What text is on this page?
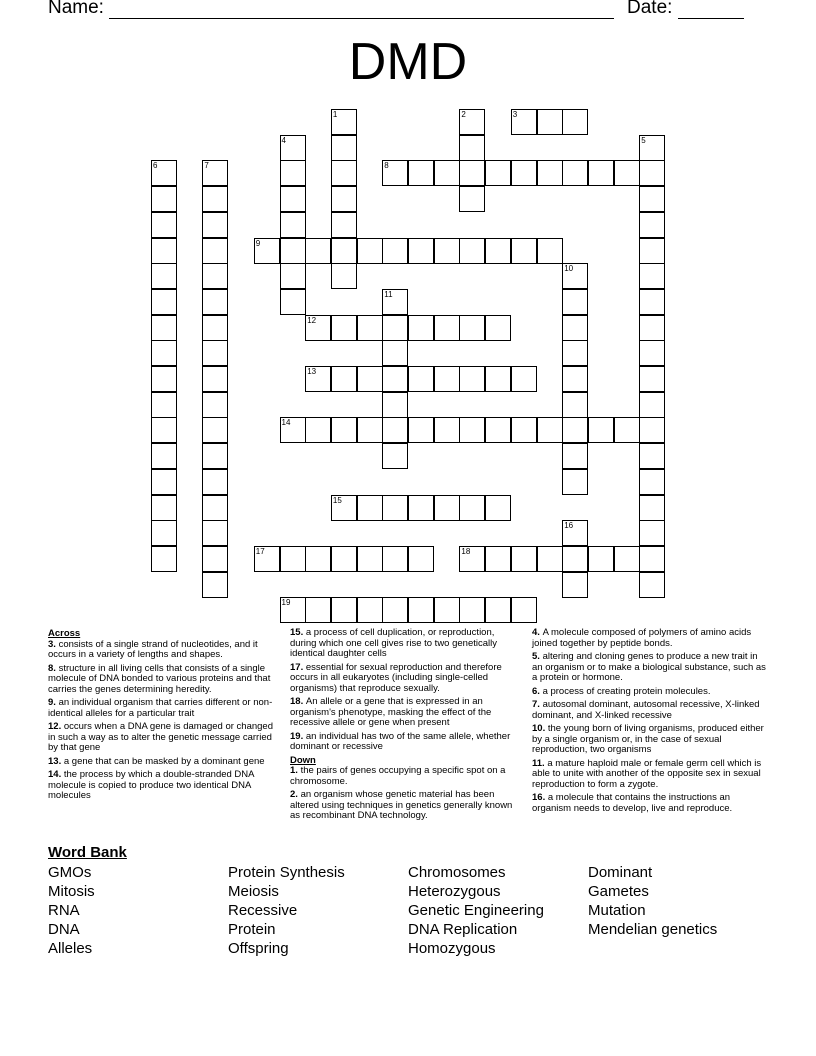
Name:	Date:
DMD
1	2	3
4	5
6	7	8
9
10
11
12
13
14
15
16
17	18
19
Across
3. consists of a single strand of nucleotides, and it occurs in a variety of lengths and shapes.
8. structure in all living cells that consists of a single molecule of DNA bonded to various proteins and that carries the genes determining heredity.
9. an individual organism that carries different or non-identical alleles for a particular trait
12. occurs when a DNA gene is damaged or changed in such a way as to alter the genetic message carried by that gene
13. a gene that can be masked by a dominant gene
14. the process by which a double-stranded DNA molecule is copied to produce two identical DNA molecules
15. a process of cell duplication, or reproduction, during which one cell gives rise to two genetically identical daughter cells
17. essential for sexual reproduction and therefore occurs in all eukaryotes (including single-celled organisms) that reproduce sexually.
18. An allele or a gene that is expressed in an organism's phenotype, masking the effect of the recessive allele or gene when present
19. an individual has two of the same allele, whether dominant or recessive
Down
1. the pairs of genes occupying a specific spot on a chromosome.
2. an organism whose genetic material has been altered using techniques in genetics generally known as recombinant DNA technology.
4. A molecule composed of polymers of amino acids joined together by peptide bonds.
5. altering and cloning genes to produce a new trait in an organism or to make a biological substance, such as a protein or hormone.
6. a process of creating protein molecules.
7. autosomal dominant, autosomal recessive, X-linked dominant, and X-linked recessive
10. the young born of living organisms, produced either by a single organism or, in the case of sexual reproduction, two organisms
11. a mature haploid male or female germ cell which is able to unite with another of the opposite sex in sexual reproduction to form a zygote.
16. a molecule that contains the instructions an organism needs to develop, live and reproduce.
Word Bank
GMOs
Mitosis
RNA
DNA
Alleles
Protein Synthesis
Meiosis
Recessive
Protein
Offspring
Chromosomes
Heterozygous
Genetic Engineering
DNA Replication
Homozygous
Dominant
Gametes
Mutation
Mendelian genetics
